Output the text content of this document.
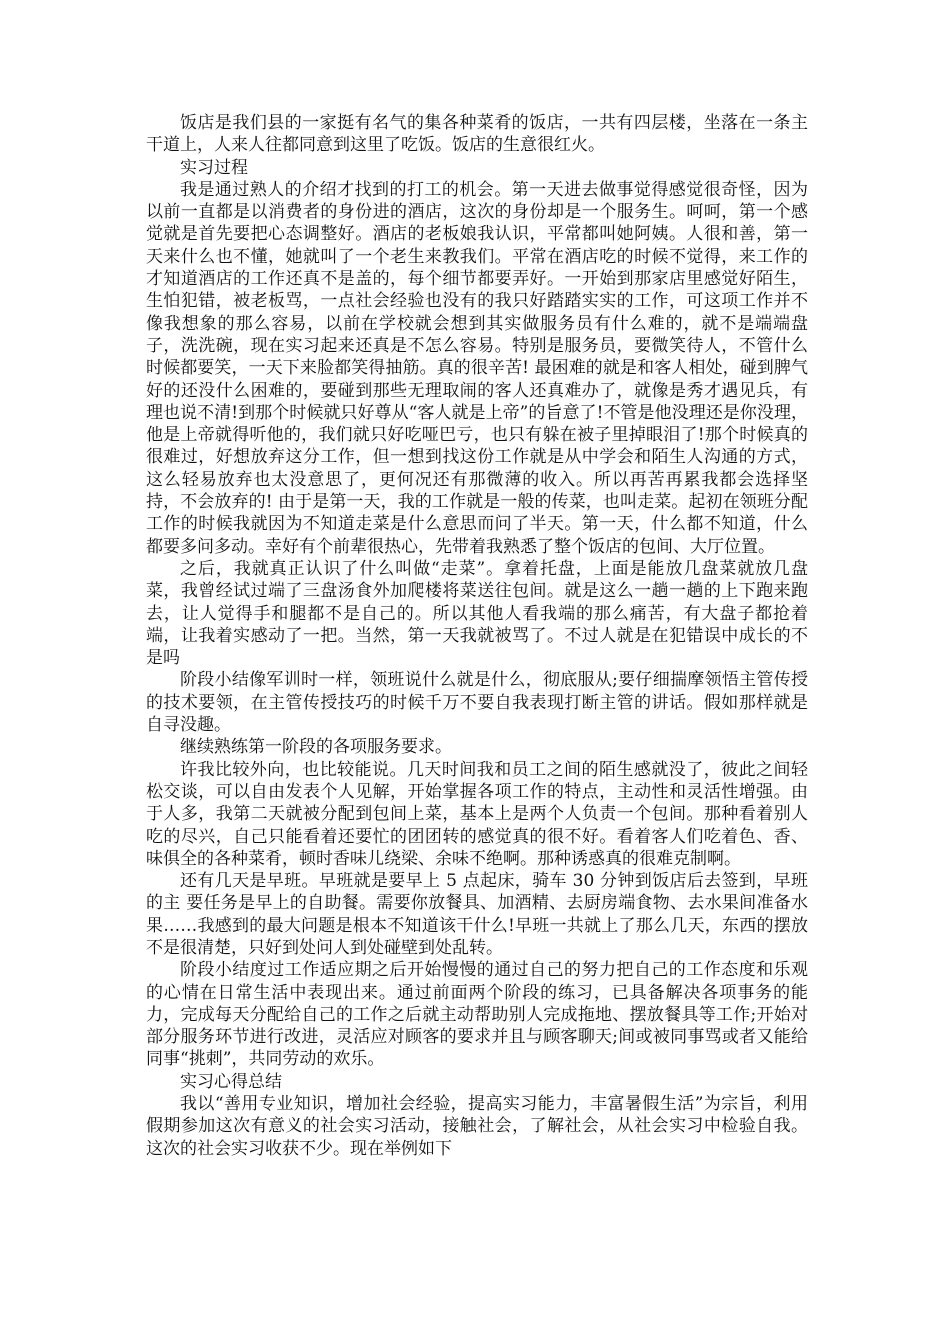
饭店是我们县的一家挺有名气的集各种菜肴的饭店，一共有四层楼，坐落在一条主干道上，人来人往都同意到这里了吃饭。饭店的生意很红火。

实习过程

我是通过熟人的介绍才找到的打工的机会。第一天进去做事觉得感觉很奇怪，因为以前一直都是以消费者的身份进的酒店，这次的身份却是一个服务生。呵呵，第一个感觉就是首先要把心态调整好。酒店的老板娘我认识，平常都叫她阿姨。人很和善，第一天来什么也不懂，她就叫了一个老生来教我们。平常在酒店吃的时候不觉得，来工作的才知道酒店的工作还真不是盖的，每个细节都要弄好。一开始到那家店里感觉好陌生，生怕犯错，被老板骂，一点社会经验也没有的我只好踏踏实实的工作，可这项工作并不像我想象的那么容易，以前在学校就会想到其实做服务员有什么难的，就不是端端盘子，洗洗碗，现在实习起来还真是不怎么容易。特别是服务员，要微笑待人，不管什么时候都要笑，一天下来脸都笑得抽筋。真的很辛苦! 最困难的就是和客人相处，碰到脾气好的还没什么困难的，要碰到那些无理取闹的客人还真难办了，就像是秀才遇见兵，有理也说不清!到那个时候就只好尊从“客人就是上帝”的旨意了!不管是他没理还是你没理，他是上帝就得听他的，我们就只好吃哑巴亏，也只有躲在被子里掉眼泪了!那个时候真的很难过，好想放弃这分工作，但一想到找这份工作就是从中学会和陌生人沟通的方式，这么轻易放弃也太没意思了，更何况还有那微薄的收入。所以再苦再累我都会选择坚持，不会放弃的! 由于是第一天，我的工作就是一般的传菜，也叫走菜。起初在领班分配工作的时候我就因为不知道走菜是什么意思而问了半天。第一天，什么都不知道，什么都要多问多动。幸好有个前辈很热心，先带着我熟悉了整个饭店的包间、大厅位置。

之后，我就真正认识了什么叫做“走菜”。拿着托盘，上面是能放几盘菜就放几盘菜，我曾经试过端了三盘汤食外加爬楼将菜送往包间。就是这么一趟一趟的上下跑来跑去，让人觉得手和腿都不是自己的。所以其他人看我端的那么痛苦，有大盘子都抢着端，让我着实感动了一把。当然，第一天我就被骂了。不过人就是在犯错误中成长的不是吗

阶段小结像军训时一样，领班说什么就是什么，彻底服从;要仔细揣摩领悟主管传授的技术要领，在主管传授技巧的时候千万不要自我表现打断主管的讲话。假如那样就是自寻没趣。

继续熟练第一阶段的各项服务要求。

许我比较外向，也比较能说。几天时间我和员工之间的陌生感就没了，彼此之间轻松交谈，可以自由发表个人见解，开始掌握各项工作的特点，主动性和灵活性增强。由于人多，我第二天就被分配到包间上菜，基本上是两个人负责一个包间。那种看着别人吃的尽兴，自己只能看着还要忙的团团转的感觉真的很不好。看着客人们吃着色、香、味俱全的各种菜肴，顿时香味儿绕梁、余味不绝啊。那种诱惑真的很难克制啊。

还有几天是早班。早班就是要早上 5 点起床，骑车 30 分钟到饭店后去签到，早班的主 要任务是早上的自助餐。需要你放餐具、加酒精、去厨房端食物、去水果间准备水果……我感到的最大问题是根本不知道该干什么!早班一共就上了那么几天，东西的摆放不是很清楚，只好到处问人到处碰壁到处乱转。

阶段小结度过工作适应期之后开始慢慢的通过自己的努力把自己的工作态度和乐观的心情在日常生活中表现出来。通过前面两个阶段的练习，已具备解决各项事务的能力，完成每天分配给自己的工作之后就主动帮助别人完成拖地、摆放餐具等工作;开始对部分服务环节进行改进，灵活应对顾客的要求并且与顾客聊天;间或被同事骂或者又能给同事“挑刺”，共同劳动的欢乐。

实习心得总结

我以“善用专业知识，增加社会经验，提高实习能力，丰富暑假生活”为宗旨，利用假期参加这次有意义的社会实习活动，接触社会，了解社会，从社会实习中检验自我。这次的社会实习收获不少。现在举例如下
